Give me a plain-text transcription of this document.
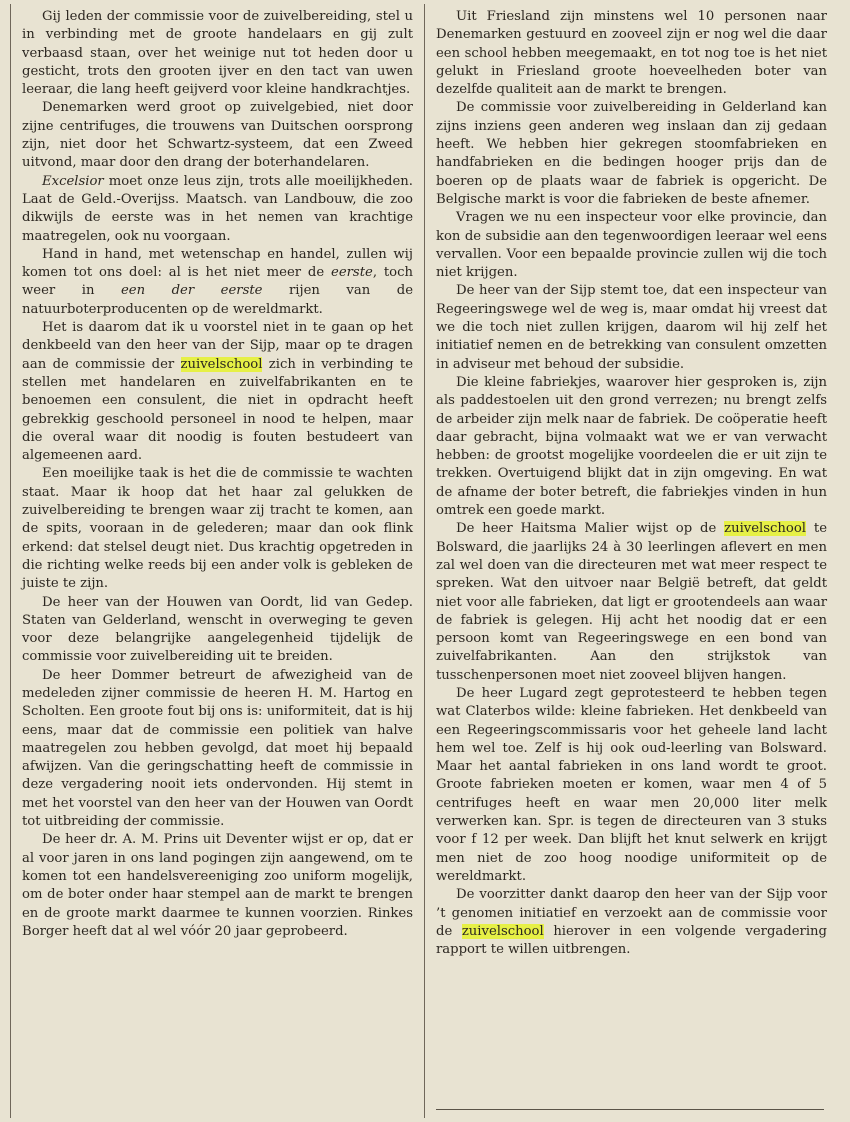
Gij leden der commissie voor de zuivelbereiding, stel u in verbinding met de groote handelaars en gij zult verbaasd staan, over het weinige nut tot heden door u gesticht, trots den grooten ijver en den tact van uwen leeraar, die lang heeft geijverd voor kleine handkrachtjes.

Denemarken werd groot op zuivelgebied, niet door zijne centrifuges, die trouwens van Duitschen oorsprong zijn, niet door het Schwartz-systeem, dat een Zweed uitvond, maar door den drang der boterhandelaren.

Excelsior moet onze leus zijn, trots alle moeilijkheden. Laat de Geld.-Overijss. Maatsch. van Landbouw, die zoo dikwijls de eerste was in het nemen van krachtige maatregelen, ook nu voorgaan.

Hand in hand, met wetenschap en handel, zullen wij komen tot ons doel: al is het niet meer de eerste, toch weer in een der eerste rijen van de natuurboterproducenten op de wereldmarkt.

Het is daarom dat ik u voorstel niet in te gaan op het denkbeeld van den heer van der Sijp, maar op te dragen aan de commissie der zuivelschool zich in verbinding te stellen met handelaren en zuivelfabrikanten en te benoemen een consulent, die niet in opdracht heeft gebrekkig geschoold personeel in nood te helpen, maar die overal waar dit noodig is fouten bestudeert van algemeenen aard.

Een moeilijke taak is het die de commissie te wachten staat. Maar ik hoop dat het haar zal gelukken de zuivelbereiding te brengen waar zij tracht te komen, aan de spits, vooraan in de gelederen; maar dan ook flink erkend: dat stelsel deugt niet. Dus krachtig opgetreden in die richting welke reeds bij een ander volk is gebleken de juiste te zijn.

De heer van der Houwen van Oordt, lid van Gedep. Staten van Gelderland, wenscht in overweging te geven voor deze belangrijke aangelegenheid tijdelijk de commissie voor zuivelbereiding uit te breiden.

De heer Dommer betreurt de afwezigheid van de medeleden zijner commissie de heeren H. M. Hartog en Scholten. Een groote fout bij ons is: uniformiteit, dat is hij eens, maar dat de commissie een politiek van halve maatregelen zou hebben gevolgd, dat moet hij bepaald afwijzen. Van die geringschatting heeft de commissie in deze vergadering nooit iets ondervonden. Hij stemt in met het voorstel van den heer van der Houwen van Oordt tot uitbreiding der commissie.

De heer dr. A. M. Prins uit Deventer wijst er op, dat er al voor jaren in ons land pogingen zijn aangewend, om te komen tot een handelsvereeniging zoo uniform mogelijk, om de boter onder haar stempel aan de markt te brengen en de groote markt daarmee te kunnen voorzien. Rinkes Borger heeft dat al wel vóór 20 jaar geprobeerd.

Uit Friesland zijn minstens wel 10 personen naar Denemarken gestuurd en zooveel zijn er nog wel die daar een school hebben meegemaakt, en tot nog toe is het niet gelukt in Friesland groote hoeveelheden boter van dezelfde qualiteit aan de markt te brengen.

De commissie voor zuivelbereiding in Gelderland kan zijns inziens geen anderen weg inslaan dan zij gedaan heeft. We hebben hier gekregen stoomfabrieken en handfabrieken en die bedingen hooger prijs dan de boeren op de plaats waar de fabriek is opgericht. De Belgische markt is voor die fabrieken de beste afnemer.

Vragen we nu een inspecteur voor elke provincie, dan kon de subsidie aan den tegenwoordigen leeraar wel eens vervallen. Voor een bepaalde provincie zullen wij die toch niet krijgen.

De heer van der Sijp stemt toe, dat een inspecteur van Regeeringswege wel de weg is, maar omdat hij vreest dat we die toch niet zullen krijgen, daarom wil hij zelf het initiatief nemen en de betrekking van consulent omzetten in adviseur met behoud der subsidie.

Die kleine fabriekjes, waarover hier gesproken is, zijn als paddestoelen uit den grond verrezen; nu brengt zelfs de arbeider zijn melk naar de fabriek. De coöperatie heeft daar gebracht, bijna volmaakt wat we er van verwacht hebben: de grootst mogelijke voordeelen die er uit zijn te trekken. Overtuigend blijkt dat in zijn omgeving. En wat de afname der boter betreft, die fabriekjes vinden in hun omtrek een goede markt.

De heer Haitsma Malier wijst op de zuivelschool te Bolsward, die jaarlijks 24 à 30 leerlingen aflevert en men zal wel doen van die directeuren met wat meer respect te spreken. Wat den uitvoer naar België betreft, dat geldt niet voor alle fabrieken, dat ligt er grootendeels aan waar de fabriek is gelegen. Hij acht het noodig dat er een persoon komt van Regeeringswege en een bond van zuivelfabrikanten. Aan den strijkstok van tusschenpersonen moet niet zooveel blijven hangen.

De heer Lugard zegt geprotesteerd te hebben tegen wat Claterbos wilde: kleine fabrieken. Het denkbeeld van een Regeeringscommissaris voor het geheele land lacht hem wel toe. Zelf is hij ook oud-leerling van Bolsward. Maar het aantal fabrieken in ons land wordt te groot. Groote fabrieken moeten er komen, waar men 4 of 5 centrifuges heeft en waar men 20,000 liter melk verwerken kan. Spr. is tegen de directeuren van 3 stuks voor f 12 per week. Dan blijft het knut selwerk en krijgt men niet de zoo hoog noodige uniformiteit op de wereldmarkt.

De voorzitter dankt daarop den heer van der Sijp voor ’t genomen initiatief en verzoekt aan de commissie voor de zuivelschool hierover in een volgende vergadering rapport te willen uitbrengen.
